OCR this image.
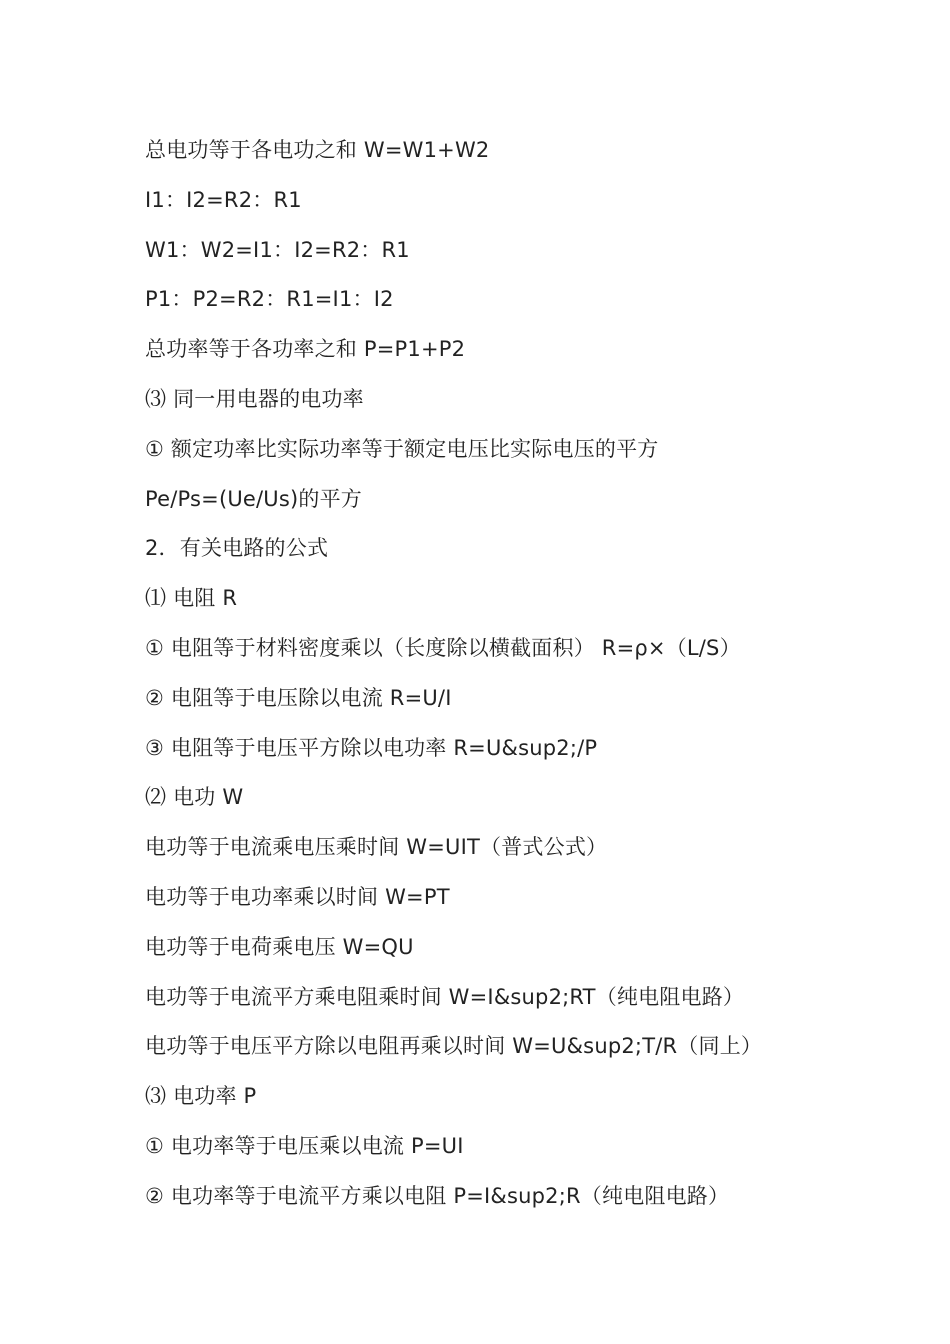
总电功等于各电功之和 W=W1+W2
I1：I2=R2：R1
W1：W2=I1：I2=R2：R1
P1：P2=R2：R1=I1：I2
总功率等于各功率之和 P=P1+P2
⑶ 同一用电器的电功率
① 额定功率比实际功率等于额定电压比实际电压的平方
Pe/Ps=(Ue/Us)的平方
2．有关电路的公式
⑴ 电阻 R
① 电阻等于材料密度乘以（长度除以横截面积） R=ρ×（L/S）
② 电阻等于电压除以电流 R=U/I
③ 电阻等于电压平方除以电功率 R=U&sup2;/P
⑵ 电功 W
电功等于电流乘电压乘时间 W=UIT（普式公式）
电功等于电功率乘以时间 W=PT
电功等于电荷乘电压 W=QU
电功等于电流平方乘电阻乘时间 W=I&sup2;RT（纯电阻电路）
电功等于电压平方除以电阻再乘以时间 W=U&sup2;T/R（同上）
⑶ 电功率 P
① 电功率等于电压乘以电流 P=UI
② 电功率等于电流平方乘以电阻 P=I&sup2;R（纯电阻电路）
